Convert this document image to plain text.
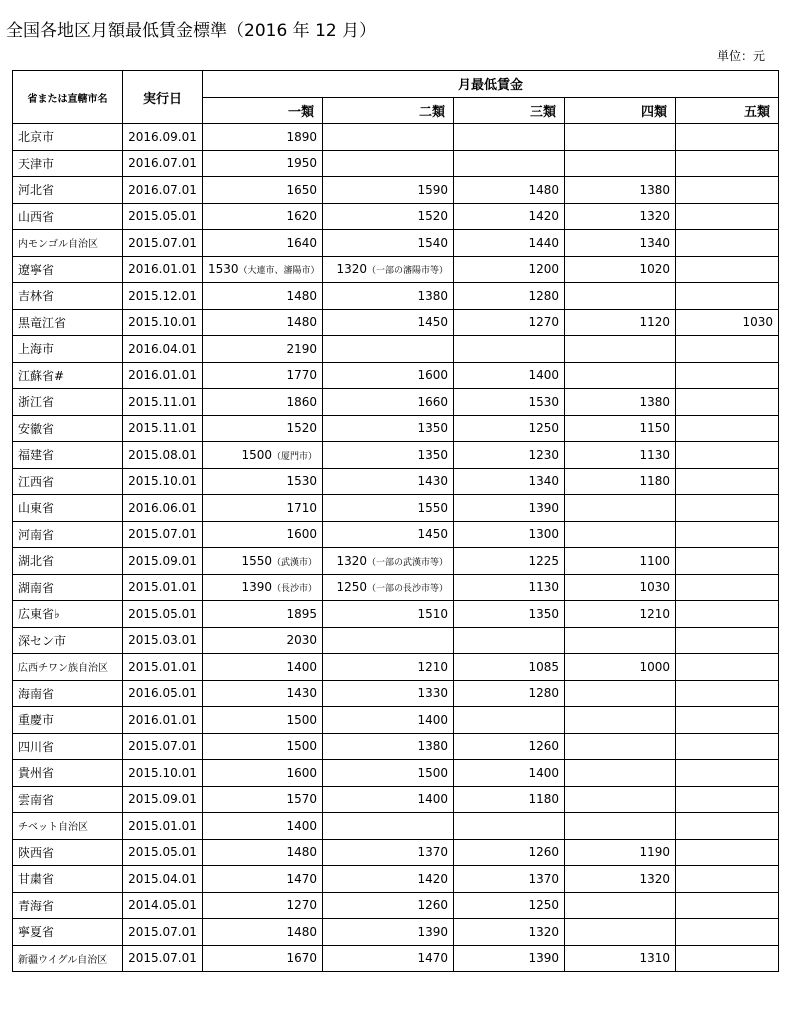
全国各地区月額最低賃金標準（2016 年 12 月）
単位：元
省または直轄市名	実行日	月最低賃金				
		一類	二類	三類	四類	五類
北京市	2016.09.01	1890				
天津市	2016.07.01	1950				
河北省	2016.07.01	1650	1590	1480	1380	
山西省	2015.05.01	1620	1520	1420	1320	
内モンゴル自治区	2015.07.01	1640	1540	1440	1340	
遼寧省	2016.01.01	1530（大連市、瀋陽市）	1320（一部の瀋陽市等）	1200	1020	
吉林省	2015.12.01	1480	1380	1280		
黒竜江省	2015.10.01	1480	1450	1270	1120	1030
上海市	2016.04.01	2190				
江蘇省#	2016.01.01	1770	1600	1400		
浙江省	2015.11.01	1860	1660	1530	1380	
安徽省	2015.11.01	1520	1350	1250	1150	
福建省	2015.08.01	1500（厦門市）	1350	1230	1130	
江西省	2015.10.01	1530	1430	1340	1180	
山東省	2016.06.01	1710	1550	1390		
河南省	2015.07.01	1600	1450	1300		
湖北省	2015.09.01	1550（武漢市）	1320（一部の武漢市等）	1225	1100	
湖南省	2015.01.01	1390（長沙市）	1250（一部の長沙市等）	1130	1030	
広東省♭	2015.05.01	1895	1510	1350	1210	
深セン市	2015.03.01	2030				
広西チワン族自治区	2015.01.01	1400	1210	1085	1000	
海南省	2016.05.01	1430	1330	1280		
重慶市	2016.01.01	1500	1400			
四川省	2015.07.01	1500	1380	1260		
貴州省	2015.10.01	1600	1500	1400		
雲南省	2015.09.01	1570	1400	1180		
チベット自治区	2015.01.01	1400				
陝西省	2015.05.01	1480	1370	1260	1190	
甘粛省	2015.04.01	1470	1420	1370	1320	
青海省	2014.05.01	1270	1260	1250		
寧夏省	2015.07.01	1480	1390	1320		
新疆ウイグル自治区	2015.07.01	1670	1470	1390	1310	
